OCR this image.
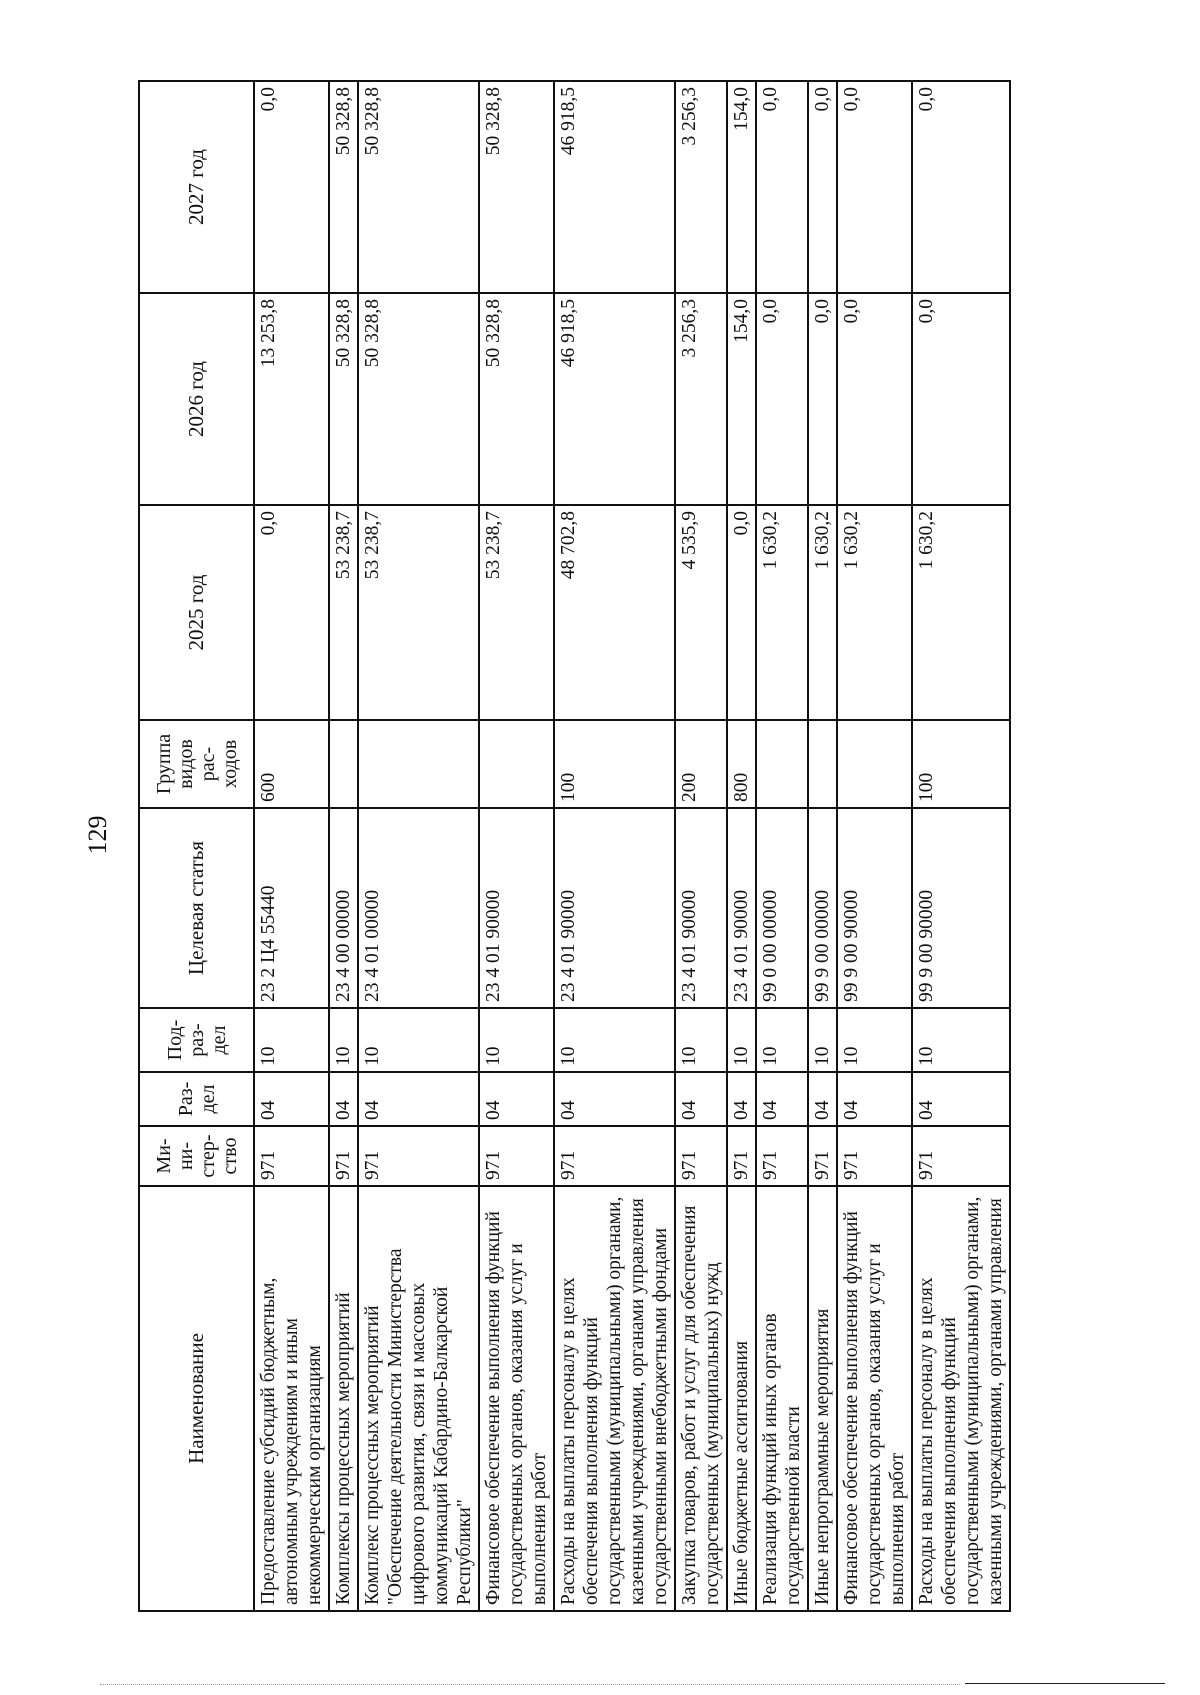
129
Наименование	Ми-ни-стер-ство	Раз-дел	Под-раз-дел	Целевая статья	Группа видов рас-ходов	2025 год	2026 год	2027 год
Предоставление субсидий бюджетным, автономным учреждениям и иным некоммерческим организациям	971	04	10	23 2 Ц4 55440	600	0,0	13 253,8	0,0
Комплексы процессных мероприятий	971	04	10	23 4 00 00000		53 238,7	50 328,8	50 328,8
Комплекс процессных мероприятий "Обеспечение деятельности Министерства цифрового развития, связи и массовых коммуникаций Кабардино-Балкарской Республики"	971	04	10	23 4 01 00000		53 238,7	50 328,8	50 328,8
Финансовое обеспечение выполнения функций государственных органов, оказания услуг и выполнения работ	971	04	10	23 4 01 90000		53 238,7	50 328,8	50 328,8
Расходы на выплаты персоналу в целях обеспечения выполнения функций государственными (муниципальными) органами, казенными учреждениями, органами управления государственными внебюджетными фондами	971	04	10	23 4 01 90000	100	48 702,8	46 918,5	46 918,5
Закупка товаров, работ и услуг для обеспечения государственных (муниципальных) нужд	971	04	10	23 4 01 90000	200	4 535,9	3 256,3	3 256,3
Иные бюджетные ассигнования	971	04	10	23 4 01 90000	800	0,0	154,0	154,0
Реализация функций иных органов государственной власти	971	04	10	99 0 00 00000		1 630,2	0,0	0,0
Иные непрограммные мероприятия	971	04	10	99 9 00 00000		1 630,2	0,0	0,0
Финансовое обеспечение выполнения функций государственных органов, оказания услуг и выполнения работ	971	04	10	99 9 00 90000		1 630,2	0,0	0,0
Расходы на выплаты персоналу в целях обеспечения выполнения функций государственными (муниципальными) органами, казенными учреждениями, органами управления	971	04	10	99 9 00 90000	100	1 630,2	0,0	0,0
